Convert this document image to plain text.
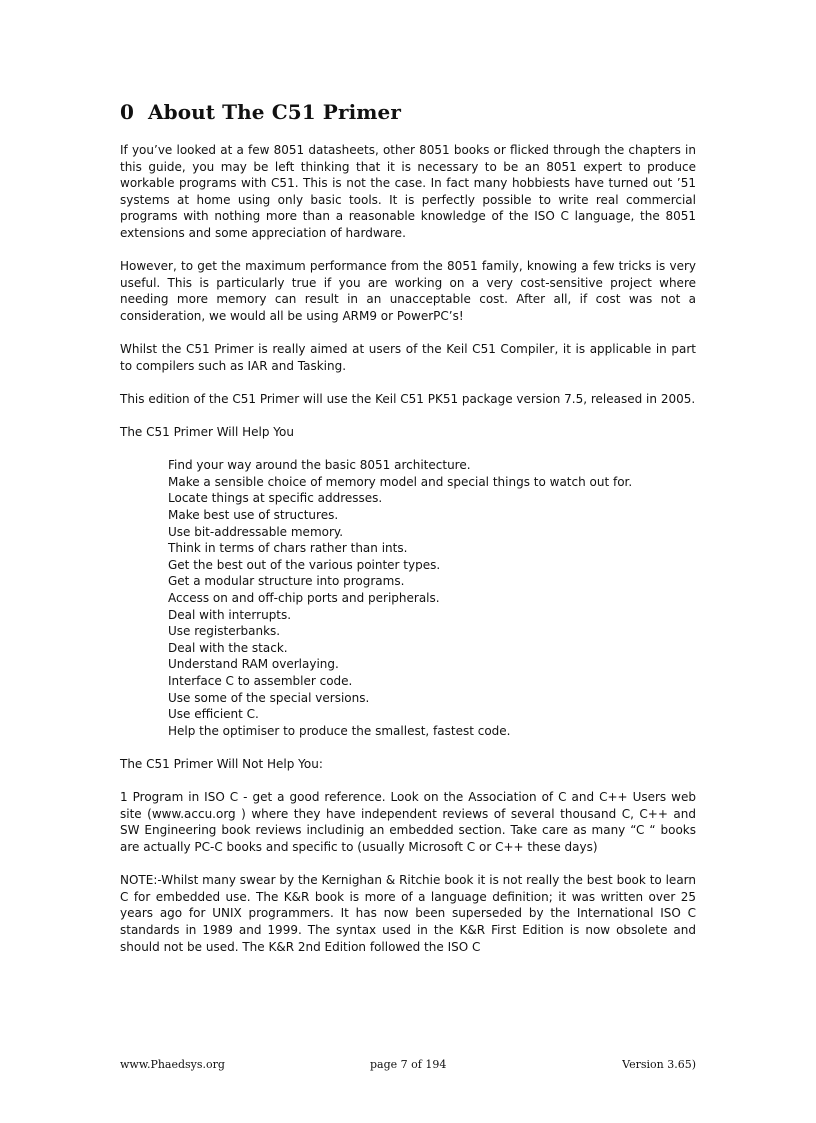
0 About The C51 Primer

If you’ve looked at a few 8051 datasheets, other 8051 books or flicked through the chapters in this guide, you may be left thinking that it is necessary to be an 8051 expert to produce workable programs with C51. This is not the case. In fact many hobbiests have turned out ’51 systems at home using only basic tools. It is perfectly possible to write real commercial programs with nothing more than a reasonable knowledge of the ISO C language, the 8051 extensions and some appreciation of hardware.

However, to get the maximum performance from the 8051 family, knowing a few tricks is very useful. This is particularly true if you are working on a very cost-sensitive project where needing more memory can result in an unacceptable cost. After all, if cost was not a consideration, we would all be using ARM9 or PowerPC’s!

Whilst the C51 Primer is really aimed at users of the Keil C51 Compiler, it is applicable in part to compilers such as IAR and Tasking.

This edition of the C51 Primer will use the Keil C51 PK51 package version 7.5, released in 2005.

The C51 Primer Will Help You

Find your way around the basic 8051 architecture.
Make a sensible choice of memory model and special things to watch out for.
Locate things at specific addresses.
Make best use of structures.
Use bit-addressable memory.
Think in terms of chars rather than ints.
Get the best out of the various pointer types.
Get a modular structure into programs.
Access on and off-chip ports and peripherals.
Deal with interrupts.
Use registerbanks.
Deal with the stack.
Understand RAM overlaying.
Interface C to assembler code.
Use some of the special versions.
Use efficient C.
Help the optimiser to produce the smallest, fastest code.

The C51 Primer Will Not Help You:

1 Program in ISO C - get a good reference. Look on the Association of C and C++ Users web site (www.accu.org ) where they have independent reviews of several thousand C, C++ and SW Engineering book reviews includinig an embedded section. Take care as many “C “ books are actually PC-C books and specific to (usually Microsoft C or C++ these days)

NOTE:-Whilst many swear by the Kernighan & Ritchie book it is not really the best book to learn C for embedded use. The K&R book is more of a language definition; it was written over 25 years ago for UNIX programmers. It has now been superseded by the International ISO C standards in 1989 and 1999. The syntax used in the K&R First Edition is now obsolete and should not be used. The K&R 2nd Edition followed the ISO C

www.Phaedsys.org	page 7 of 194	Version 3.65)
